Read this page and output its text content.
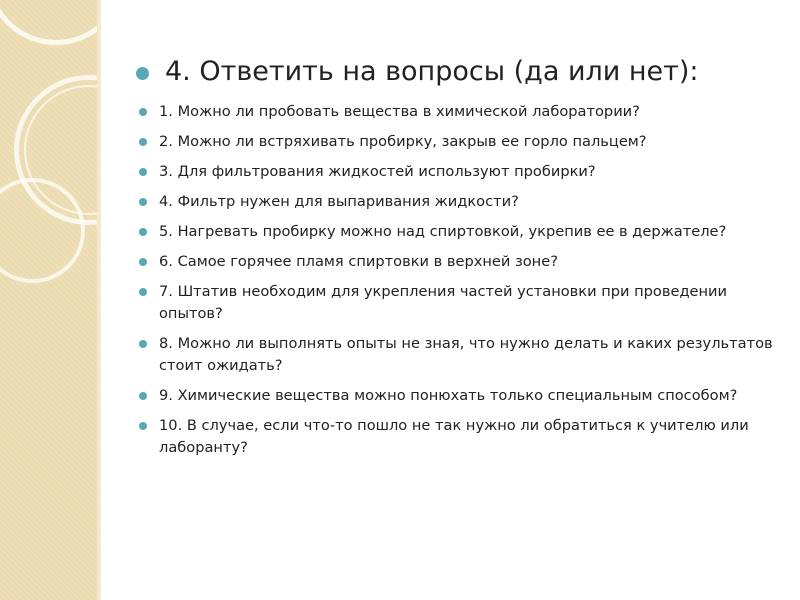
4. Ответить на вопросы (да или нет):
1. Можно ли пробовать вещества в химической лаборатории?
2. Можно ли встряхивать пробирку, закрыв ее горло пальцем?
3. Для фильтрования жидкостей используют пробирки?
4. Фильтр нужен для выпаривания жидкости?
5. Нагревать пробирку можно над спиртовкой, укрепив ее в держателе?
6. Самое горячее пламя спиртовки в верхней зоне?
7. Штатив необходим для укрепления частей установки при проведении опытов?
8. Можно ли выполнять опыты не зная, что нужно делать и каких результатов стоит ожидать?
9. Химические вещества можно понюхать только специальным способом?
10. В случае, если что-то пошло не так нужно ли обратиться к учителю или лаборанту?
